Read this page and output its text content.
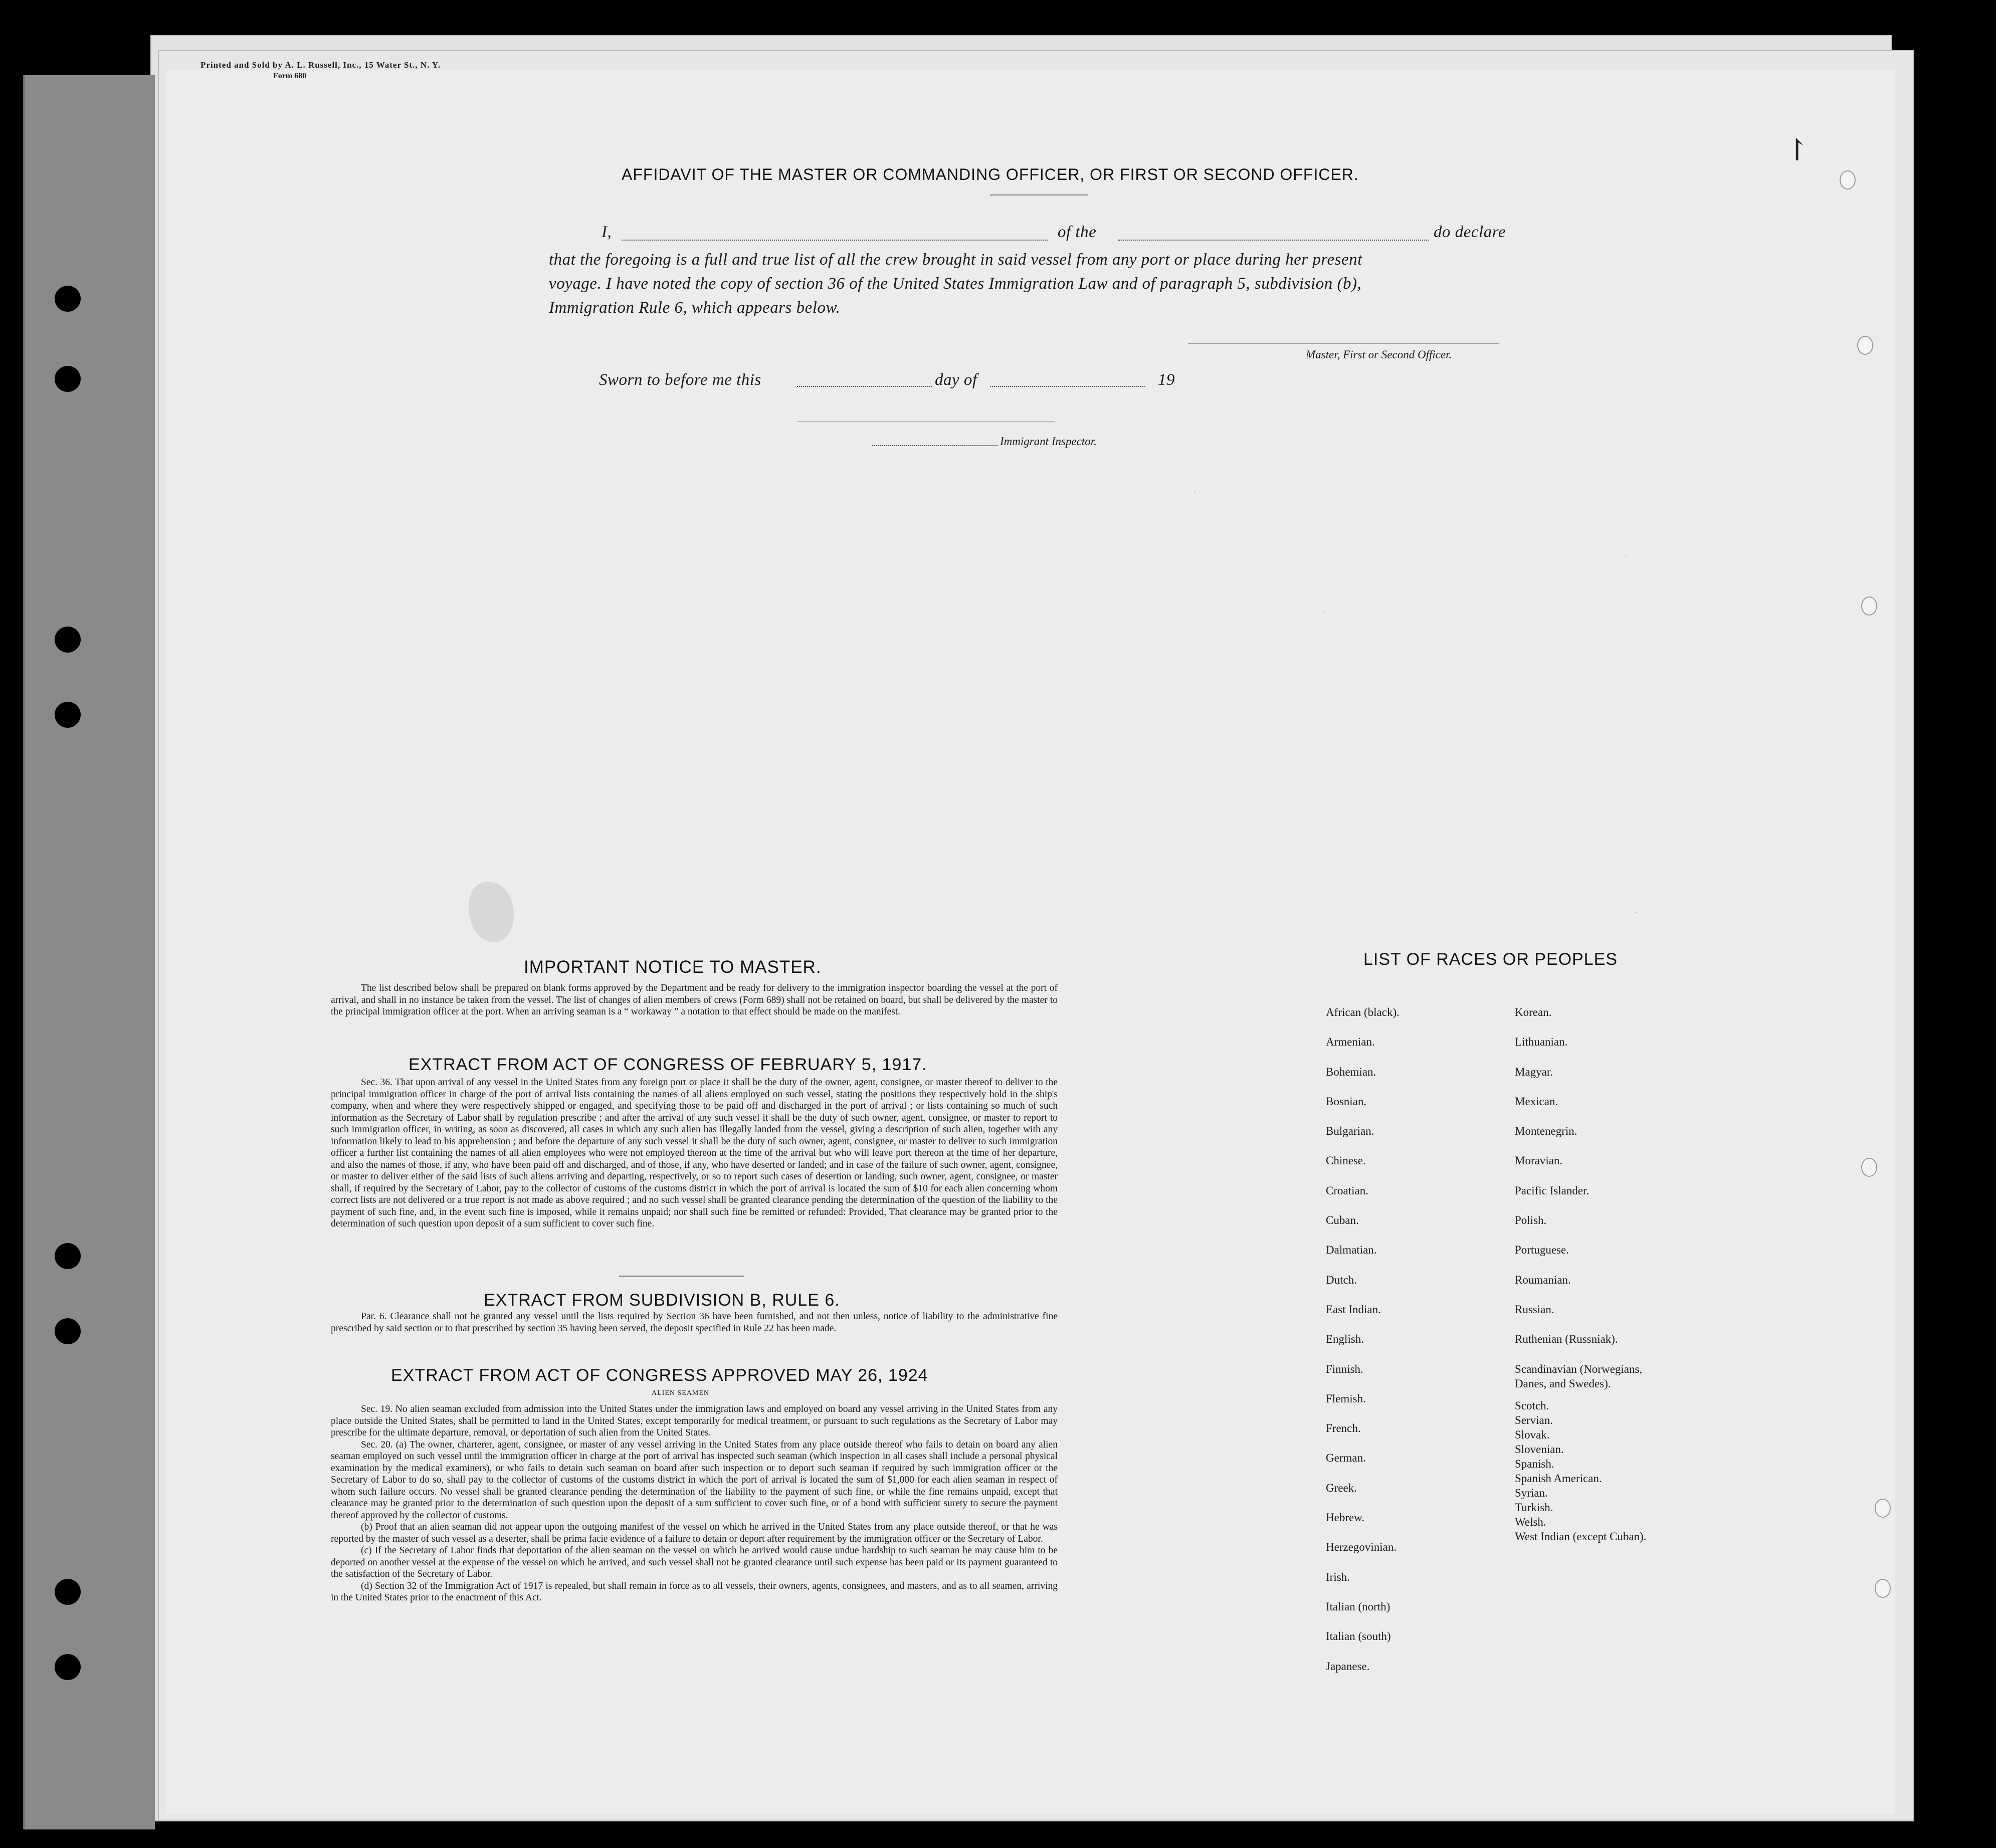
Printed and Sold by A. L. Russell, Inc., 15 Water St., N. Y.
Form 680
↾
AFFIDAVIT OF THE MASTER OR COMMANDING OFFICER, OR FIRST OR SECOND OFFICER.
I,	of the	do declare
that the foregoing is a full and true list of all the crew brought in said vessel from any port or place during her present
voyage. I have noted the copy of section 36 of the United States Immigration Law and of paragraph 5, subdivision (b),
Immigration Rule 6, which appears below.
Master, First or Second Officer.
Sworn to before me this	day of	19
Immigrant Inspector.
·
·
·
·
IMPORTANT NOTICE TO MASTER.

The list described below shall be prepared on blank forms approved by the Department and be ready for delivery to the immigration inspector boarding the vessel at the port of arrival, and shall in no instance be taken from the vessel. The list of changes of alien members of crews (Form 689) shall not be retained on board, but shall be delivered by the master to the principal immigration officer at the port. When an arriving seaman is a “ workaway ” a notation to that effect should be made on the manifest.

EXTRACT FROM ACT OF CONGRESS OF FEBRUARY 5, 1917.

Sec. 36. That upon arrival of any vessel in the United States from any foreign port or place it shall be the duty of the owner, agent, consignee, or master thereof to deliver to the principal immigration officer in charge of the port of arrival lists containing the names of all aliens employed on such vessel, stating the positions they respectively hold in the ship's company, when and where they were respectively shipped or engaged, and specifying those to be paid off and discharged in the port of arrival ; or lists containing so much of such information as the Secretary of Labor shall by regulation prescribe ; and after the arrival of any such vessel it shall be the duty of such owner, agent, consignee, or master to report to such immigration officer, in writing, as soon as discovered, all cases in which any such alien has illegally landed from the vessel, giving a description of such alien, together with any information likely to lead to his apprehension ; and before the departure of any such vessel it shall be the duty of such owner, agent, consignee, or master to deliver to such immigration officer a further list containing the names of all alien employees who were not employed thereon at the time of the arrival but who will leave port thereon at the time of her departure, and also the names of those, if any, who have been paid off and discharged, and of those, if any, who have deserted or landed; and in case of the failure of such owner, agent, consignee, or master to deliver either of the said lists of such aliens arriving and departing, respectively, or so to report such cases of desertion or landing, such owner, agent, consignee, or master shall, if required by the Secretary of Labor, pay to the collector of customs of the customs district in which the port of arrival is located the sum of $10 for each alien concerning whom correct lists are not delivered or a true report is not made as above required ; and no such vessel shall be granted clearance pending the determination of the question of the liability to the payment of such fine, and, in the event such fine is imposed, while it remains unpaid; nor shall such fine be remitted or refunded: Provided, That clearance may be granted prior to the determination of such question upon deposit of a sum sufficient to cover such fine.

EXTRACT FROM SUBDIVISION B, RULE 6.

Par. 6. Clearance shall not be granted any vessel until the lists required by Section 36 have been furnished, and not then unless, notice of liability to the administrative fine prescribed by said section or to that prescribed by section 35 having been served, the deposit specified in Rule 22 has been made.

EXTRACT FROM ACT OF CONGRESS APPROVED MAY 26, 1924
ALIEN SEAMEN

Sec. 19. No alien seaman excluded from admission into the United States under the immigration laws and employed on board any vessel arriving in the United States from any place outside the United States, shall be permitted to land in the United States, except temporarily for medical treatment, or pursuant to such regulations as the Secretary of Labor may prescribe for the ultimate departure, removal, or deportation of such alien from the United States.

Sec. 20. (a) The owner, charterer, agent, consignee, or master of any vessel arriving in the United States from any place outside thereof who fails to detain on board any alien seaman employed on such vessel until the immigration officer in charge at the port of arrival has inspected such seaman (which inspection in all cases shall include a personal physical examination by the medical examiners), or who fails to detain such seaman on board after such inspection or to deport such seaman if required by such immigration officer or the Secretary of Labor to do so, shall pay to the collector of customs of the customs district in which the port of arrival is located the sum of $1,000 for each alien seaman in respect of whom such failure occurs. No vessel shall be granted clearance pending the determination of the liability to the payment of such fine, or while the fine remains unpaid, except that clearance may be granted prior to the determination of such question upon the deposit of a sum sufficient to cover such fine, or of a bond with sufficient surety to secure the payment thereof approved by the collector of customs.

(b) Proof that an alien seaman did not appear upon the outgoing manifest of the vessel on which he arrived in the United States from any place outside thereof, or that he was reported by the master of such vessel as a deserter, shall be prima facie evidence of a failure to detain or deport after requirement by the immigration officer or the Secretary of Labor.

(c) If the Secretary of Labor finds that deportation of the alien seaman on the vessel on which he arrived would cause undue hardship to such seaman he may cause him to be deported on another vessel at the expense of the vessel on which he arrived, and such vessel shall not be granted clearance until such expense has been paid or its payment guaranteed to the satisfaction of the Secretary of Labor.

(d) Section 32 of the Immigration Act of 1917 is repealed, but shall remain in force as to all vessels, their owners, agents, consignees, and masters, and as to all seamen, arriving in the United States prior to the enactment of this Act.

LIST OF RACES OR PEOPLES
African (black).
Armenian.
Bohemian.
Bosnian.
Bulgarian.
Chinese.
Croatian.
Cuban.
Dalmatian.
Dutch.
East Indian.
English.
Finnish.
Flemish.
French.
German.
Greek.
Hebrew.
Herzegovinian.
Irish.
Italian (north)
Italian (south)
Japanese.
Korean.
Lithuanian.
Magyar.
Mexican.
Montenegrin.
Moravian.
Pacific Islander.
Polish.
Portuguese.
Roumanian.
Russian.
Ruthenian (Russniak).
Scandinavian (Norwegians,
Danes, and Swedes).
Scotch.
Servian.
Slovak.
Slovenian.
Spanish.
Spanish American.
Syrian.
Turkish.
Welsh.
West Indian (except Cuban).
